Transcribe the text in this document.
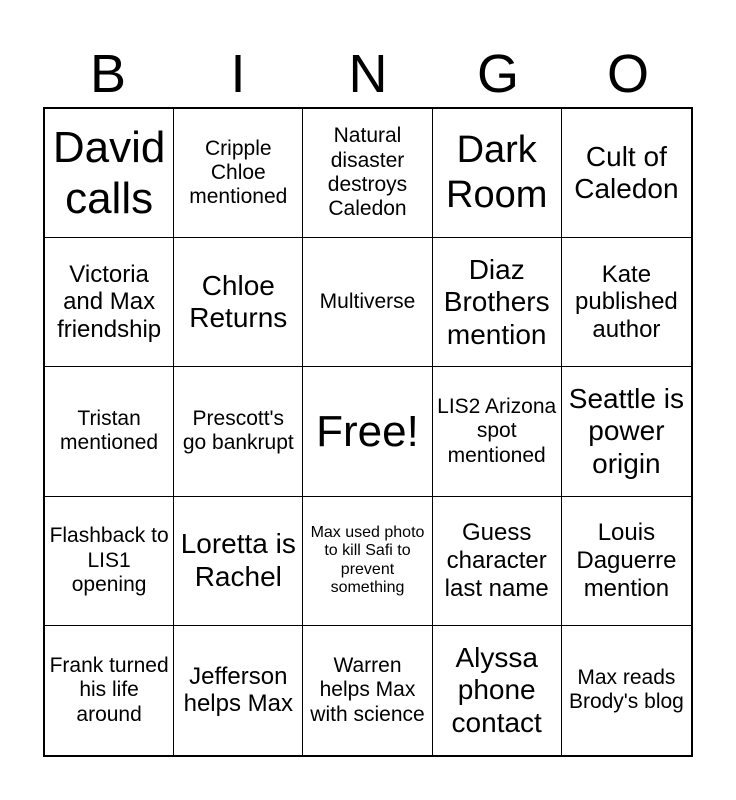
B	I	N	G	O
David calls
Cripple Chloe mentioned
Natural disaster destroys Caledon
Dark Room
Cult of Caledon
Victoria and Max friendship
Chloe Returns
Multiverse
Diaz Brothers mention
Kate published author
Tristan mentioned
Prescott's go bankrupt Free!
LIS2 Arizona spot mentioned
Seattle is power origin
Flashback to LIS1 opening
Loretta is Rachel
Max used photo to kill Safi to prevent something
Guess character last name
Louis Daguerre mention
Frank turned his life around
Jefferson helps Max
Warren helps Max with science
Alyssa phone contact
Max reads Brody's blog
